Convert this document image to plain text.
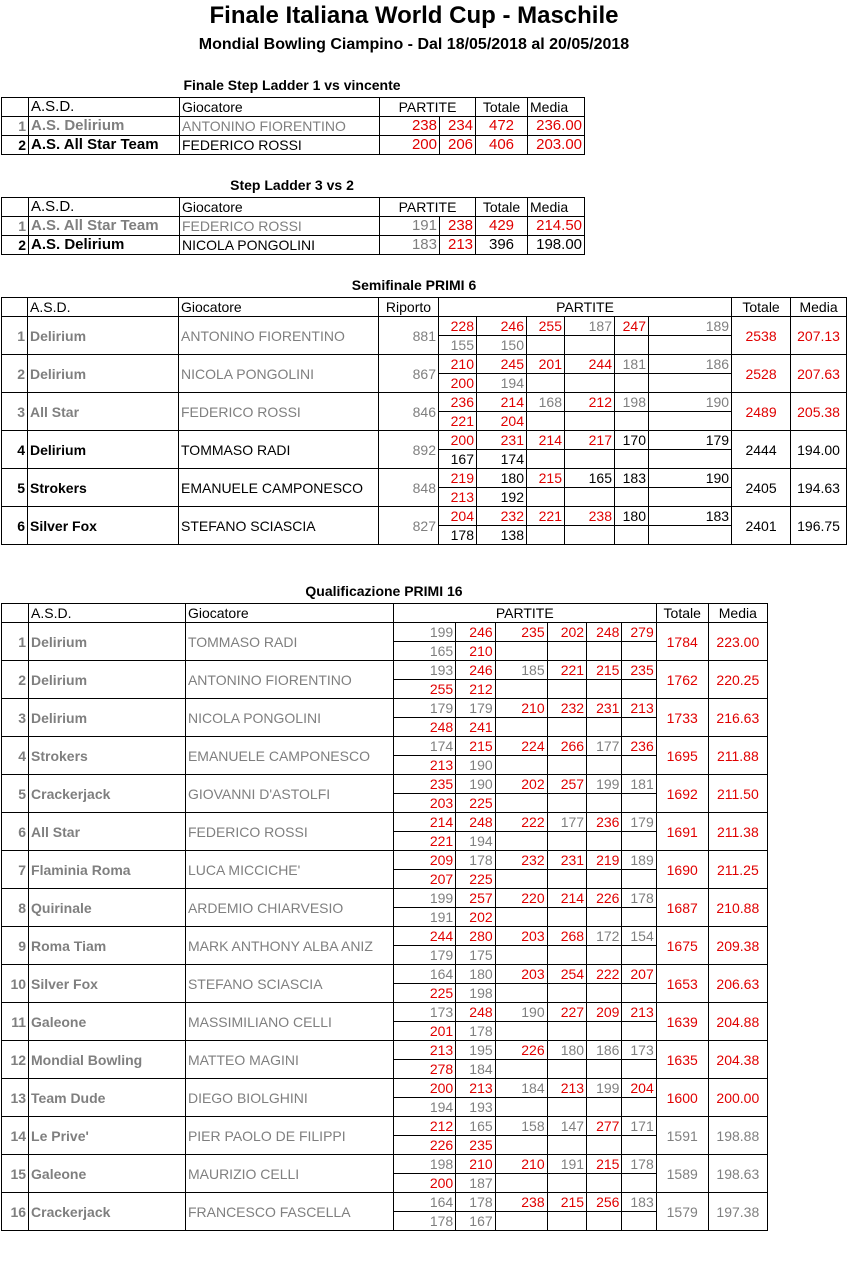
Finale Italiana World Cup - Maschile
Mondial Bowling Ciampino - Dal 18/05/2018 al 20/05/2018
Finale Step Ladder 1 vs vincente
	A.S.D.	Giocatore	PARTITE		Totale	Media
1	A.S. Delirium	ANTONINO FIORENTINO	238	234	472	236.00
2	A.S. All Star Team	FEDERICO ROSSI	200	206	406	203.00
Step Ladder 3 vs 2
	A.S.D.	Giocatore	PARTITE		Totale	Media
1	A.S. All Star Team	FEDERICO ROSSI	191	238	429	214.50
2	A.S. Delirium	NICOLA PONGOLINI	183	213	396	198.00
Semifinale PRIMI 6
	A.S.D.	Giocatore	Riporto	PARTITE						Totale	Media
1	Delirium	ANTONINO FIORENTINO	881	228	246	255	187	247	189	2538	207.13
				155	150						
2	Delirium	NICOLA PONGOLINI	867	210	245	201	244	181	186	2528	207.63
				200	194						
3	All Star	FEDERICO ROSSI	846	236	214	168	212	198	190	2489	205.38
				221	204						
4	Delirium	TOMMASO RADI	892	200	231	214	217	170	179	2444	194.00
				167	174						
5	Strokers	EMANUELE CAMPONESCO	848	219	180	215	165	183	190	2405	194.63
				213	192						
6	Silver Fox	STEFANO SCIASCIA	827	204	232	221	238	180	183	2401	196.75
				178	138						
Qualificazione PRIMI 16
	A.S.D.	Giocatore	PARTITE						Totale	Media
1	Delirium	TOMMASO RADI	199	246	235	202	248	279	1784	223.00
			165	210						
2	Delirium	ANTONINO FIORENTINO	193	246	185	221	215	235	1762	220.25
			255	212						
3	Delirium	NICOLA PONGOLINI	179	179	210	232	231	213	1733	216.63
			248	241						
4	Strokers	EMANUELE CAMPONESCO	174	215	224	266	177	236	1695	211.88
			213	190						
5	Crackerjack	GIOVANNI D'ASTOLFI	235	190	202	257	199	181	1692	211.50
			203	225						
6	All Star	FEDERICO ROSSI	214	248	222	177	236	179	1691	211.38
			221	194						
7	Flaminia Roma	LUCA MICCICHE'	209	178	232	231	219	189	1690	211.25
			207	225						
8	Quirinale	ARDEMIO CHIARVESIO	199	257	220	214	226	178	1687	210.88
			191	202						
9	Roma Tiam	MARK ANTHONY ALBA ANIZ	244	280	203	268	172	154	1675	209.38
			179	175						
10	Silver Fox	STEFANO SCIASCIA	164	180	203	254	222	207	1653	206.63
			225	198						
11	Galeone	MASSIMILIANO CELLI	173	248	190	227	209	213	1639	204.88
			201	178						
12	Mondial Bowling	MATTEO MAGINI	213	195	226	180	186	173	1635	204.38
			278	184						
13	Team Dude	DIEGO BIOLGHINI	200	213	184	213	199	204	1600	200.00
			194	193						
14	Le Prive'	PIER PAOLO DE FILIPPI	212	165	158	147	277	171	1591	198.88
			226	235						
15	Galeone	MAURIZIO CELLI	198	210	210	191	215	178	1589	198.63
			200	187						
16	Crackerjack	FRANCESCO FASCELLA	164	178	238	215	256	183	1579	197.38
			178	167						
